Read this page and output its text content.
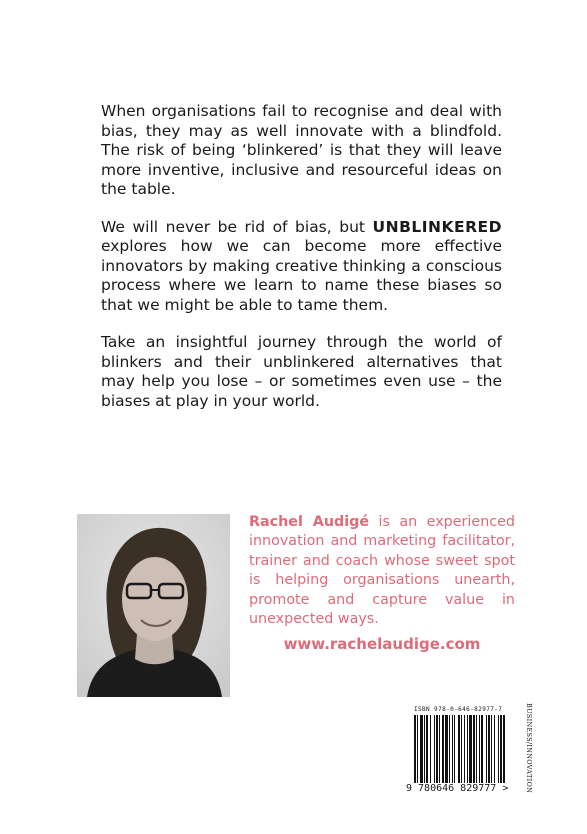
When organisations fail to recognise and deal with bias, they may as well innovate with a blindfold. The risk of being ‘blinkered’ is that they will leave more inventive, inclusive and resourceful ideas on the table.

We will never be rid of bias, but UNBLINKERED explores how we can become more effective innovators by making creative thinking a conscious process where we learn to name these biases so that we might be able to tame them.

Take an insightful journey through the world of blinkers and their unblinkered alternatives that may help you lose – or sometimes even use – the biases at play in your world.

Rachel Audigé is an experienced innovation and marketing facilitator, trainer and coach whose sweet spot is helping organisations unearth, promote and capture value in unexpected ways.
www.rachelaudige.com
ISBN 978-0-646-82977-7
9 780646 829777 >	BUSINESS/INNOVATION
